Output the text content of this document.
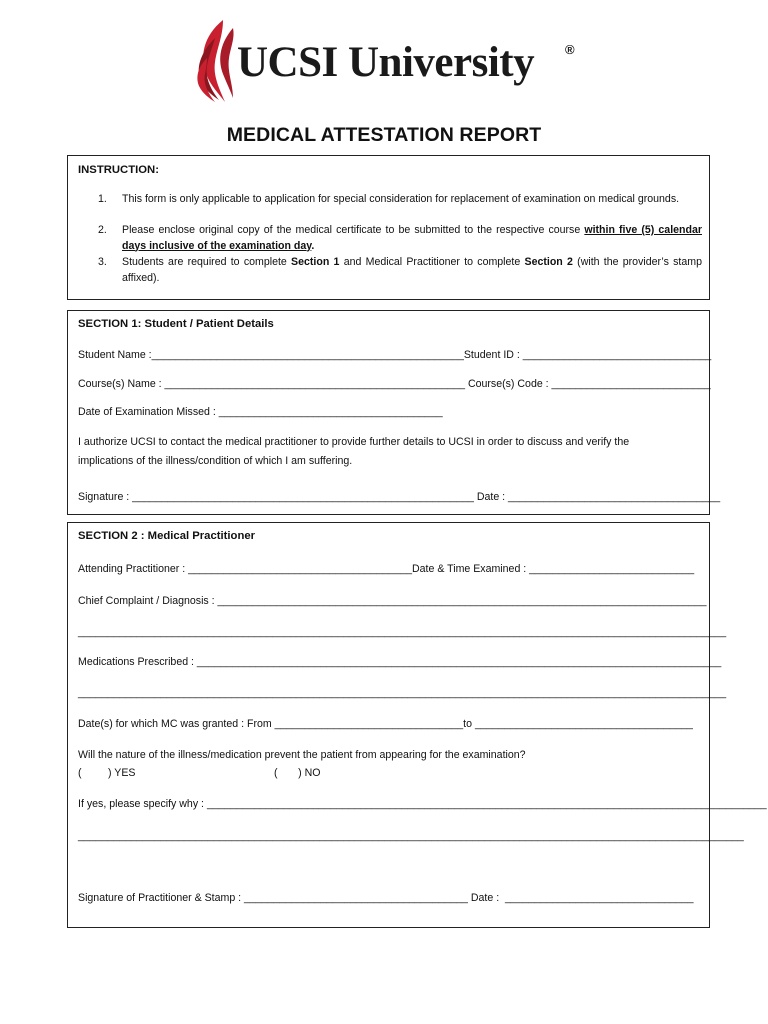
UCSI University ®
MEDICAL ATTESTATION REPORT
INSTRUCTION:
1. This form is only applicable to application for special consideration for replacement of examination on medical grounds.
2. Please enclose original copy of the medical certificate to be submitted to the respective course within five (5) calendar days inclusive of the examination day.
3. Students are required to complete Section 1 and Medical Practitioner to complete Section 2 (with the provider’s stamp affixed).
SECTION 1: Student / Patient Details
Student Name :_____________________________________________________Student ID : ________________________________
Course(s) Name : ___________________________________________________ Course(s) Code : ___________________________
Date of Examination Missed : ______________________________________
I authorize UCSI to contact the medical practitioner to provide further details to UCSI in order to discuss and verify the
implications of the illness/condition of which I am suffering.
Signature : __________________________________________________________ Date : ____________________________________
SECTION 2 : Medical Practitioner
Attending Practitioner : ______________________________________Date & Time Examined : ____________________________
Chief Complaint / Diagnosis : ___________________________________________________________________________________
______________________________________________________________________________________________________________
Medications Prescribed : _________________________________________________________________________________________
______________________________________________________________________________________________________________
Date(s) for which MC was granted : From ________________________________to _____________________________________
Will the nature of the illness/medication prevent the patient from appearing for the examination?
(         ) YES	(       ) NO
If yes, please specify why : _______________________________________________________________________________________________
_________________________________________________________________________________________________________________
Signature of Practitioner & Stamp : ______________________________________ Date :  ________________________________
